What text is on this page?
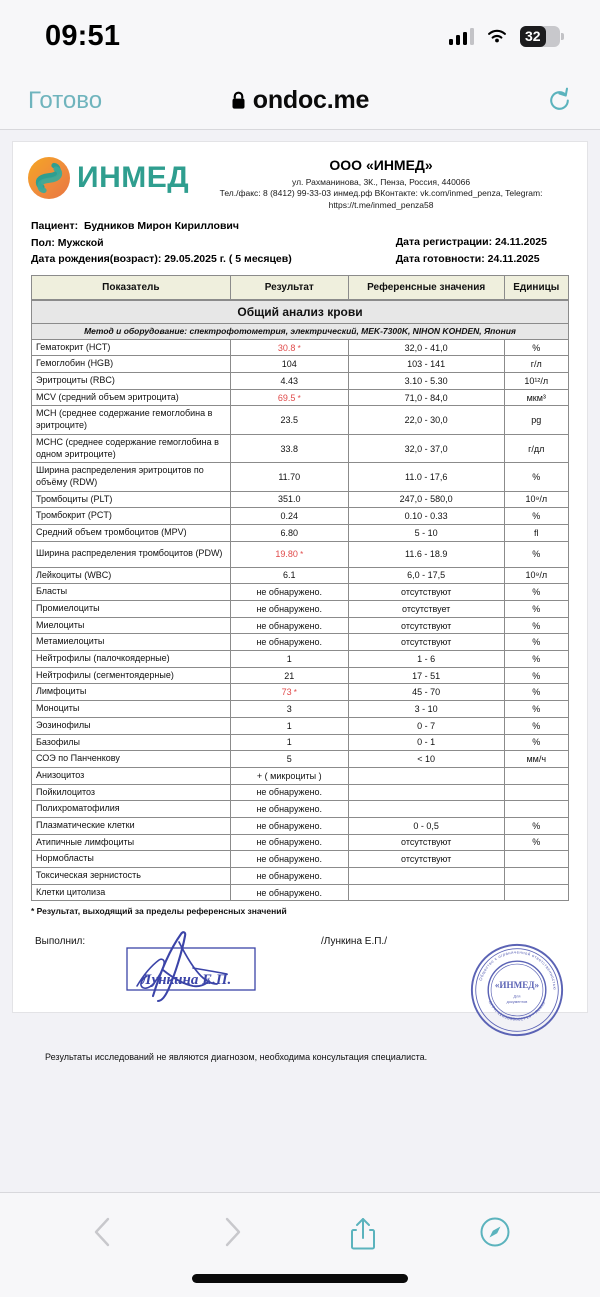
09:51	32
Готово	ondoc.me
ИНМЕД	ООО «ИНМЕД»
ул. Рахманинова, 3К., Пенза, Россия, 440066
Тел./факс: 8 (8412) 99-33-03 инмед.рф ВКонтакте: vk.com/inmed_penza, Telegram:
https://t.me/inmed_penza58
Пациент: Будников Мирон Кириллович
Пол: Мужской
Дата рождения(возраст): 29.05.2025 г. ( 5 месяцев)
Дата регистрации: 24.11.2025
Дата готовности: 24.11.2025
Показатель	Результат	Референсные значения	Единицы
Общий анализ крови			
Метод и оборудование: спектрофотометрия, электрический, MEK-7300K, NIHON KOHDEN, Япония			
Гематокрит (HCT)	30.8 *	32,0 - 41,0	%
Гемоглобин (HGB)	104	103 - 141	г/л
Эритроциты (RBC)	4.43	3.10 - 5.30	10¹²/л
MCV (средний объем эритроцита)	69.5 *	71,0 - 84,0	мкм³
MCH (среднее содержание гемоглобина в эритроците)	23.5	22,0 - 30,0	pg
MCHC (среднее содержание гемоглобина в одном эритроците)	33.8	32,0 - 37,0	г/дл
Ширина распределения эритроцитов по объёму (RDW)	11.70	11.0 - 17,6	%
Тромбоциты (PLT)	351.0	247,0 - 580,0	10⁹/л
Тромбокрит (PCT)	0.24	0.10 - 0.33	%
Средний объем тромбоцитов (MPV)	6.80	5 - 10	fl
Ширина распределения тромбоцитов (PDW)	19.80 *	11.6 - 18.9	%
Лейкоциты (WBC)	6.1	6,0 - 17,5	10⁹/л
Бласты	не обнаружено.	отсутствуют	%
Промиелоциты	не обнаружено.	отсутствует	%
Миелоциты	не обнаружено.	отсутствуют	%
Метамиелоциты	не обнаружено.	отсутствуют	%
Нейтрофилы (палочкоядерные)	1	1 - 6	%
Нейтрофилы (сегментоядерные)	21	17 - 51	%
Лимфоциты	73 *	45 - 70	%
Моноциты	3	3 - 10	%
Эозинофилы	1	0 - 7	%
Базофилы	1	0 - 1	%
СОЭ по Панченкову	5	< 10	мм/ч
Анизоцитоз	+ ( микроциты )		
Пойкилоцитоз	не обнаружено.		
Полихроматофилия	не обнаружено.		
Плазматические клетки	не обнаружено.	0 - 0,5	%
Атипичные лимфоциты	не обнаружено.	отсутствуют	%
Нормобласты	не обнаружено.	отсутствуют	
Токсическая зернистость	не обнаружено.		
Клетки цитолиза	не обнаружено.		
* Результат, выходящий за пределы референсных значений
Выполнил:	/Лункина Е.П./
Лункина Е.П.	Общество с ограниченной ответственностью
ОГРН 1135836002714 · Пенза
«ИНМЕД»
Для
документов
Результаты исследований не являются диагнозом, необходима консультация специалиста.
